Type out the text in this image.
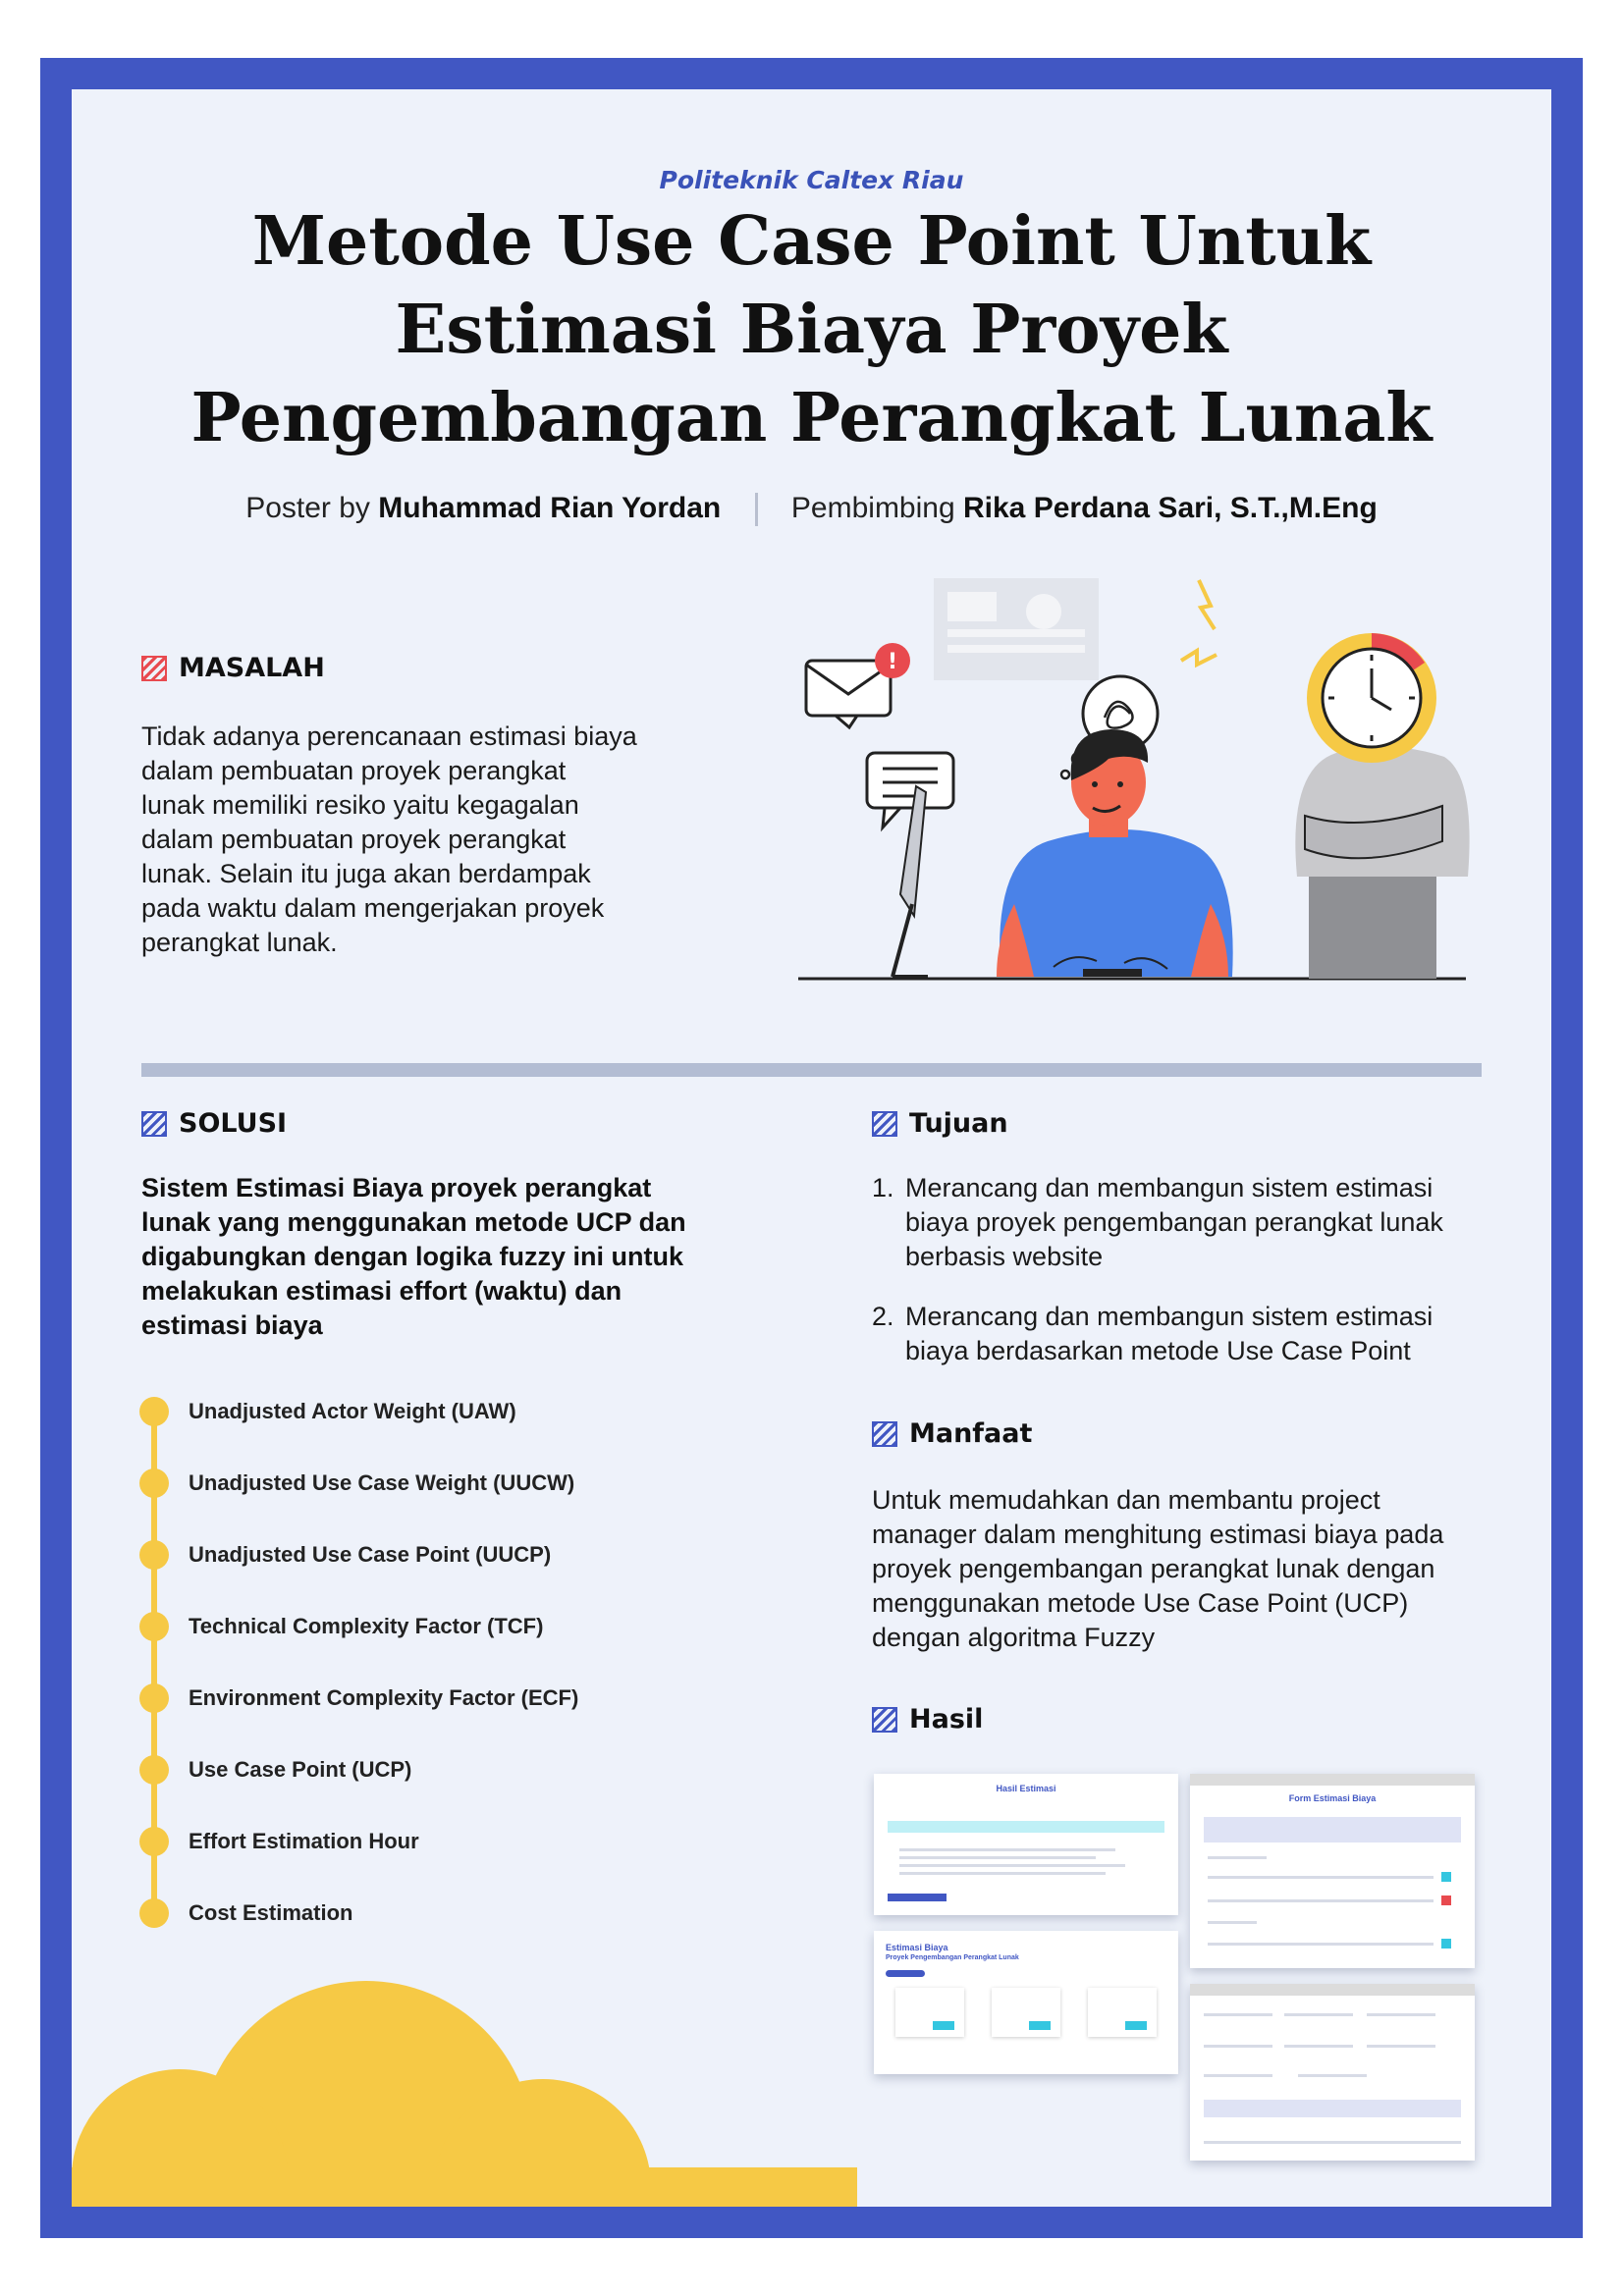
Politeknik Caltex Riau
Metode Use Case Point Untuk
Estimasi Biaya Proyek
Pengembangan Perangkat Lunak
Poster by Muhammad Rian Yordan Pembimbing Rika Perdana Sari, S.T.,M.Eng
MASALAH
Tidak adanya perencanaan estimasi biaya
dalam pembuatan proyek perangkat
lunak memiliki resiko yaitu kegagalan
dalam pembuatan proyek perangkat
lunak. Selain itu juga akan berdampak
pada waktu dalam mengerjakan proyek
perangkat lunak.
!
SOLUSI
Sistem Estimasi Biaya proyek perangkat
lunak yang menggunakan metode UCP dan
digabungkan dengan logika fuzzy ini untuk
melakukan estimasi effort (waktu) dan
estimasi biaya
Unadjusted Actor Weight (UAW)
Unadjusted Use Case Weight (UUCW)
Unadjusted Use Case Point (UUCP)
Technical Complexity Factor (TCF)
Environment Complexity Factor (ECF)
Use Case Point (UCP)
Effort Estimation Hour
Cost Estimation
Tujuan
1. Merancang dan membangun sistem estimasi
biaya proyek pengembangan perangkat lunak
berbasis website
2. Merancang dan membangun sistem estimasi
biaya berdasarkan metode Use Case Point
Manfaat
Untuk memudahkan dan membantu project
manager dalam menghitung estimasi biaya pada
proyek pengembangan perangkat lunak dengan
menggunakan metode Use Case Point (UCP)
dengan algoritma Fuzzy
Hasil
Hasil Estimasi
Form Estimasi Biaya
Estimasi Biaya
Proyek Pengembangan Perangkat Lunak
